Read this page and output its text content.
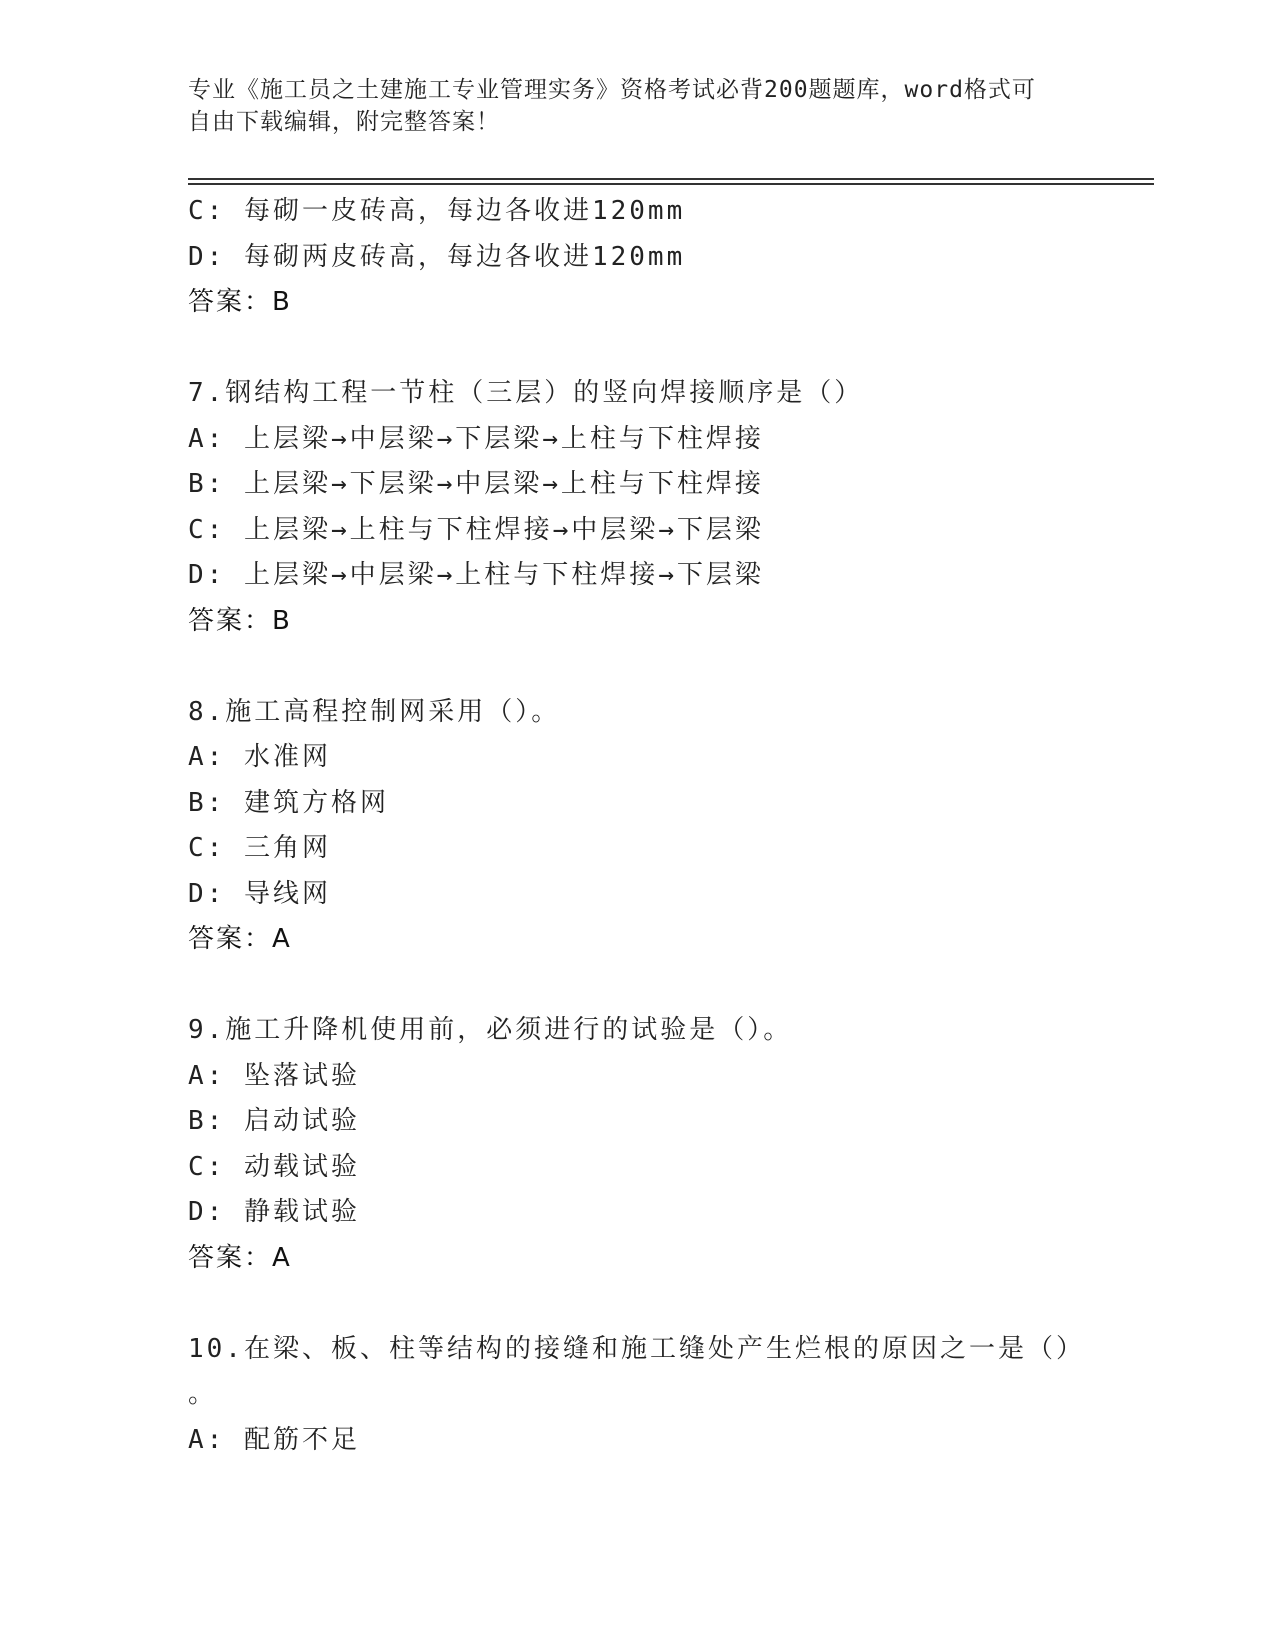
专业《施工员之土建施工专业管理实务》资格考试必背200题题库，word格式可
自由下载编辑，附完整答案！
C: 每砌一皮砖高，每边各收进120mm
D: 每砌两皮砖高，每边各收进120mm
答案：B
7.钢结构工程一节柱（三层）的竖向焊接顺序是（）
A: 上层梁→中层梁→下层梁→上柱与下柱焊接
B: 上层梁→下层梁→中层梁→上柱与下柱焊接
C: 上层梁→上柱与下柱焊接→中层梁→下层梁
D: 上层梁→中层梁→上柱与下柱焊接→下层梁
答案：B
8.施工高程控制网采用（）。
A: 水准网
B: 建筑方格网
C: 三角网
D: 导线网
答案：A
9.施工升降机使用前，必须进行的试验是（）。
A: 坠落试验
B: 启动试验
C: 动载试验
D: 静载试验
答案：A
10.在梁、板、柱等结构的接缝和施工缝处产生烂根的原因之一是（）
。
A: 配筋不足
